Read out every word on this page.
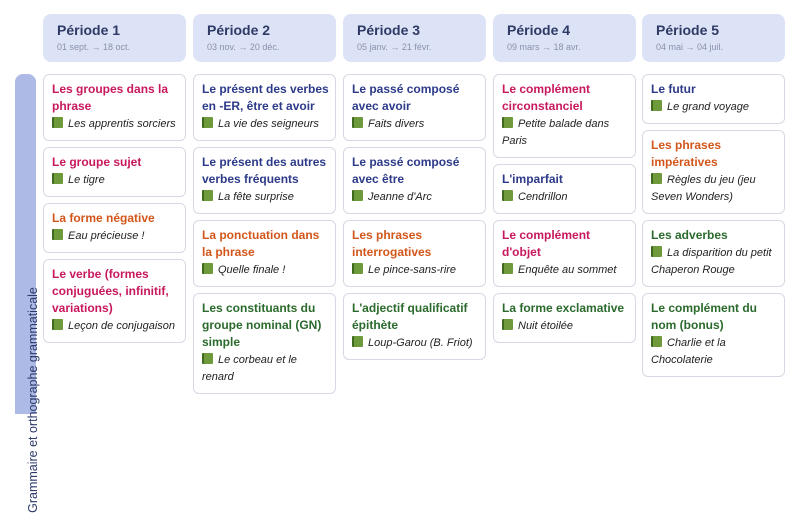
Grammaire et orthographe grammaticale
Période 1
01 sept. → 18 oct.
Les groupes dans la phrase
Les apprentis sorciers
Le groupe sujet
Le tigre
La forme négative
Eau précieuse !
Le verbe (formes conjuguées, infinitif, variations)
Leçon de conjugaison
Période 2
03 nov. → 20 déc.
Le présent des verbes en -ER, être et avoir
La vie des seigneurs
Le présent des autres verbes fréquents
La fête surprise
La ponctuation dans la phrase
Quelle finale !
Les constituants du groupe nominal (GN) simple
Le corbeau et le renard
Période 3
05 janv. → 21 févr.
Le passé composé avec avoir
Faits divers
Le passé composé avec être
Jeanne d'Arc
Les phrases interrogatives
Le pince-sans-rire
L'adjectif qualificatif épithète
Loup-Garou (B. Friot)
Période 4
09 mars → 18 avr.
Le complément circonstanciel
Petite balade dans Paris
L'imparfait
Cendrillon
Le complément d'objet
Enquête au sommet
La forme exclamative
Nuit étoilée
Période 5
04 mai → 04 juil.
Le futur
Le grand voyage
Les phrases impératives
Règles du jeu (jeu Seven Wonders)
Les adverbes
La disparition du petit Chaperon Rouge
Le complément du nom (bonus)
Charlie et la Chocolaterie
